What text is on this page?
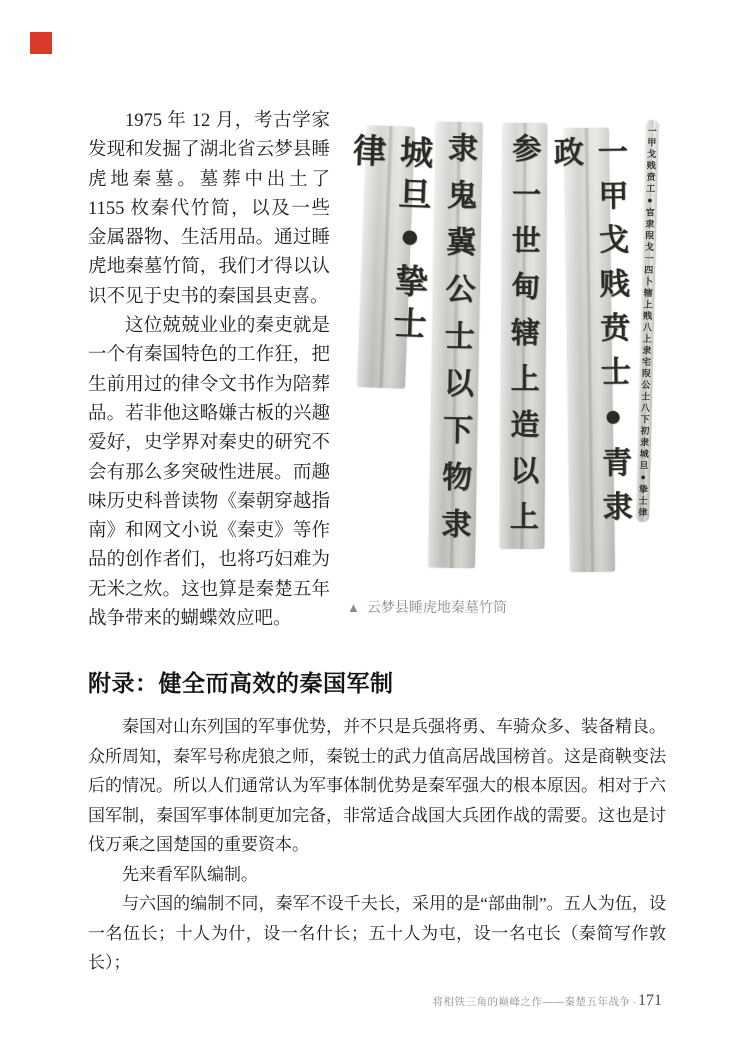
1975 年 12 月，考古学家发现和发掘了湖北省云梦县睡虎地秦墓。墓葬中出土了 1155 枚秦代竹简，以及一些金属器物、生活用品。通过睡虎地秦墓竹简，我们才得以认识不见于史书的秦国县吏喜。

这位兢兢业业的秦吏就是一个有秦国特色的工作狂，把生前用过的律令文书作为陪葬品。若非他这略嫌古板的兴趣爱好，史学界对秦史的研究不会有那么多突破性进展。而趣味历史科普读物《秦朝穿越指南》和网文小说《秦吏》等作品的创作者们，也将巧妇难为无米之炊。这也算是秦楚五年战争带来的蝴蝶效应吧。

城旦●挚士律	隶鬼冀公士以下物隶 参一世甸辖上造以上	一甲戈贱贲士●青隶政	一甲戈贱贲工●官隶叚戈一四卜辖上贱八上隶宅叚公士八下初隶城旦●挚士律
▲ 云梦县睡虎地秦墓竹筒
附录：健全而高效的秦国军制

秦国对山东列国的军事优势，并不只是兵强将勇、车骑众多、装备精良。众所周知，秦军号称虎狼之师，秦锐士的武力值高居战国榜首。这是商鞅变法后的情况。所以人们通常认为军事体制优势是秦军强大的根本原因。相对于六国军制，秦国军事体制更加完备，非常适合战国大兵团作战的需要。这也是讨伐万乘之国楚国的重要资本。

先来看军队编制。

与六国的编制不同，秦军不设千夫长，采用的是“部曲制”。五人为伍，设一名伍长；十人为什，设一名什长；五十人为屯，设一名屯长（秦简写作敦长）；

将相铁三角的巅峰之作——秦楚五年战争 · 171
